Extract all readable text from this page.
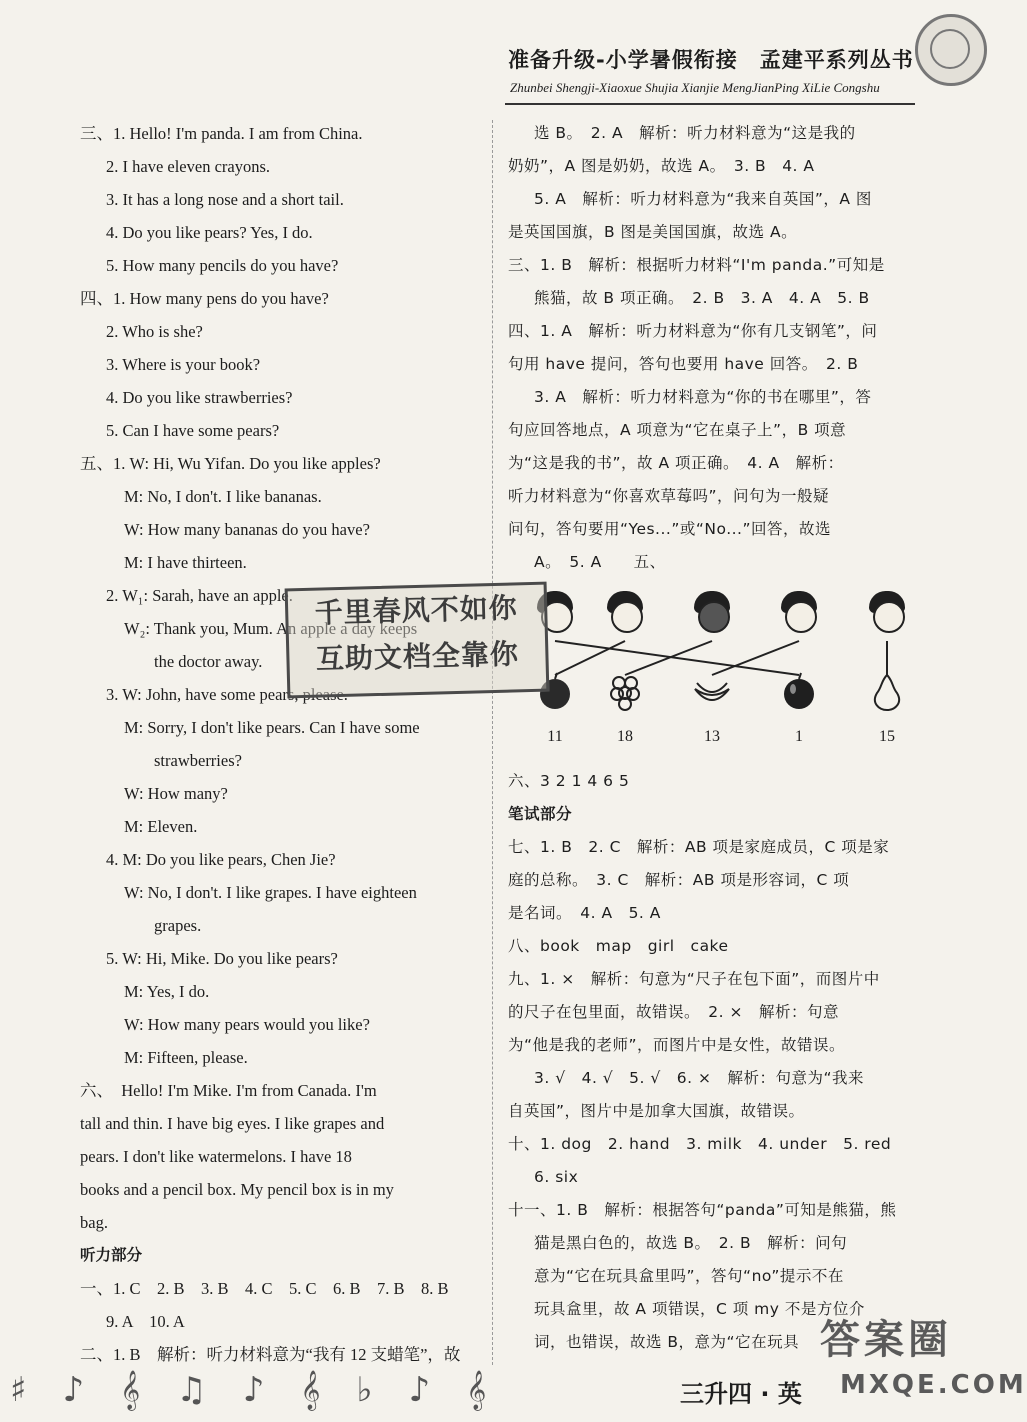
准备升级-小学暑假衔接　孟建平系列丛书
Zhunbei Shengji-Xiaoxue Shujia Xianjie MengJianPing XiLie Congshu
三、1. Hello! I'm panda. I am from China.
2. I have eleven crayons.
3. It has a long nose and a short tail.
4. Do you like pears? Yes, I do.
5. How many pencils do you have?
四、1. How many pens do you have?
2. Who is she?
3. Where is your book?
4. Do you like strawberries?
5. Can I have some pears?
五、1. W: Hi, Wu Yifan. Do you like apples?
M: No, I don't. I like bananas.
W: How many bananas do you have?
M: I have thirteen.
2. W₁: Sarah, have an apple.
W₂: Thank you, Mum. An apple a day keeps
the doctor away.
3. W: John, have some pears, please.
M: Sorry, I don't like pears. Can I have some
strawberries?
W: How many?
M: Eleven.
4. M: Do you like pears, Chen Jie?
W: No, I don't. I like grapes. I have eighteen
grapes.
5. W: Hi, Mike. Do you like pears?
M: Yes, I do.
W: How many pears would you like?
M: Fifteen, please.
六、　Hello! I'm Mike. I'm from Canada. I'm
tall and thin. I have big eyes. I like grapes and
pears. I don't like watermelons. I have 18
books and a pencil box. My pencil box is in my
bag.
听力部分
一、1. C　2. B　3. B　4. C　5. C　6. B　7. B　8. B
9. A　10. A
二、1. B　解析：听力材料意为“我有 12 支蜡笔”，故
选 B。　2. A　解析：听力材料意为“这是我的
奶奶”，A 图是奶奶，故选 A。　3. B　4. A
5. A　解析：听力材料意为“我来自英国”，A 图
是英国国旗，B 图是美国国旗，故选 A。
三、1. B　解析：根据听力材料“I'm panda.”可知是
熊猫，故 B 项正确。　2. B　3. A　4. A　5. B
四、1. A　解析：听力材料意为“你有几支钢笔”，问
句用 have 提问，答句也要用 have 回答。　2. B
3. A　解析：听力材料意为“你的书在哪里”，答
句应回答地点，A 项意为“它在桌子上”，B 项意
为“这是我的书”，故 A 项正确。　4. A　解析：
听力材料意为“你喜欢草莓吗”，问句为一般疑
问句，答句要用“Yes...”或“No...”回答，故选
A。　5. A　　五、
六、3 2 1 4 6 5
笔试部分
七、1. B　2. C　解析：AB 项是家庭成员，C 项是家
庭的总称。　3. C　解析：AB 项是形容词，C 项
是名词。　4. A　5. A
八、book　map　girl　cake
九、1. ×　解析：句意为“尺子在包下面”，而图片中
的尺子在包里面，故错误。　2. ×　解析：句意
为“他是我的老师”，而图片中是女性，故错误。
3. √　4. √　5. √　6. ×　解析：句意为“我来
自英国”，图片中是加拿大国旗，故错误。
十、1. dog　2. hand　3. milk　4. under　5. red
6. six
十一、1. B　解析：根据答句“panda”可知是熊猫，熊
猫是黑白色的，故选 B。　2. B　解析：问句
意为“它在玩具盒里吗”，答句“no”提示不在
玩具盒里，故 A 项错误，C 项 my 不是方位介
词，也错误，故选 B，意为“它在玩具
11	18	13	1	15
千里春风不如你
互助文档全靠你
♯♪𝄞♫♪𝄞♭♪𝄞	三升四 · 英
答案圈
MXQE.COM
